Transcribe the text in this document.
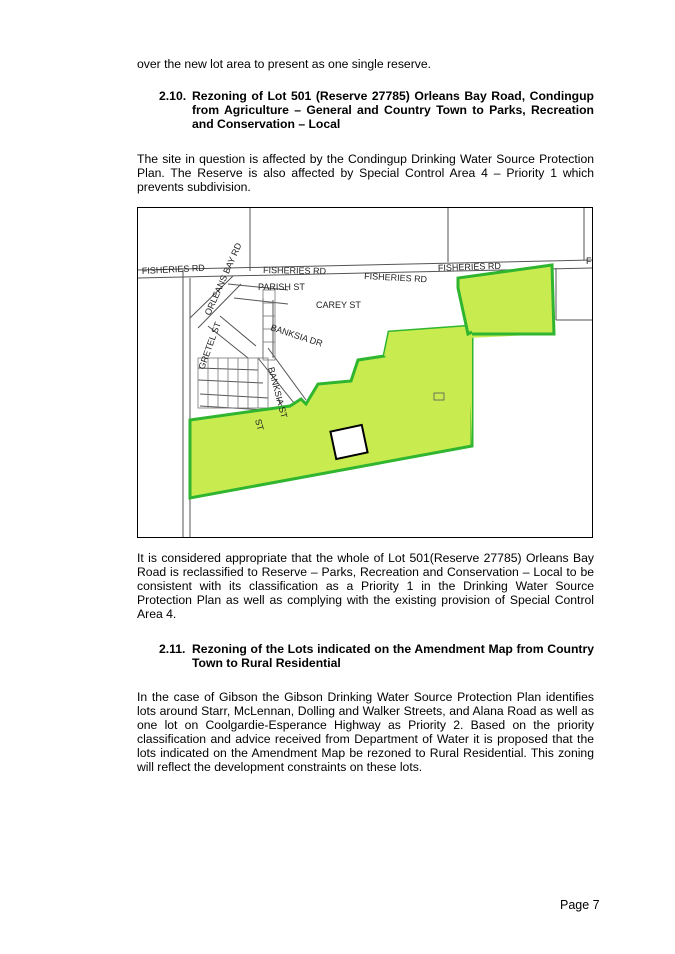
over the new lot area to present as one single reserve.

2.10. Rezoning of Lot 501 (Reserve 27785) Orleans Bay Road, Condingup from Agriculture – General and Country Town to Parks, Recreation and Conservation – Local

The site in question is affected by the Condingup Drinking Water Source Protection Plan. The Reserve is also affected by Special Control Area 4 – Priority 1 which prevents subdivision.

FISHERIES RD	FISHERIES RD
FISHERIES RD
FISHERIES RD	F
ORLEANS BAY RD PARISH ST
CAREY ST
BANKSIA DR
GRETEL ST
BANKSIA ST
ST

It is considered appropriate that the whole of Lot 501(Reserve 27785) Orleans Bay Road is reclassified to Reserve – Parks, Recreation and Conservation – Local to be consistent with its classification as a Priority 1 in the Drinking Water Source Protection Plan as well as complying with the existing provision of Special Control Area 4.

2.11. Rezoning of the Lots indicated on the Amendment Map from Country Town to Rural Residential

In the case of Gibson the Gibson Drinking Water Source Protection Plan identifies lots around Starr, McLennan, Dolling and Walker Streets, and Alana Road as well as one lot on Coolgardie-Esperance Highway as Priority 2. Based on the priority classification and advice received from Department of Water it is proposed that the lots indicated on the Amendment Map be rezoned to Rural Residential. This zoning will reflect the development constraints on these lots.

Page 7
